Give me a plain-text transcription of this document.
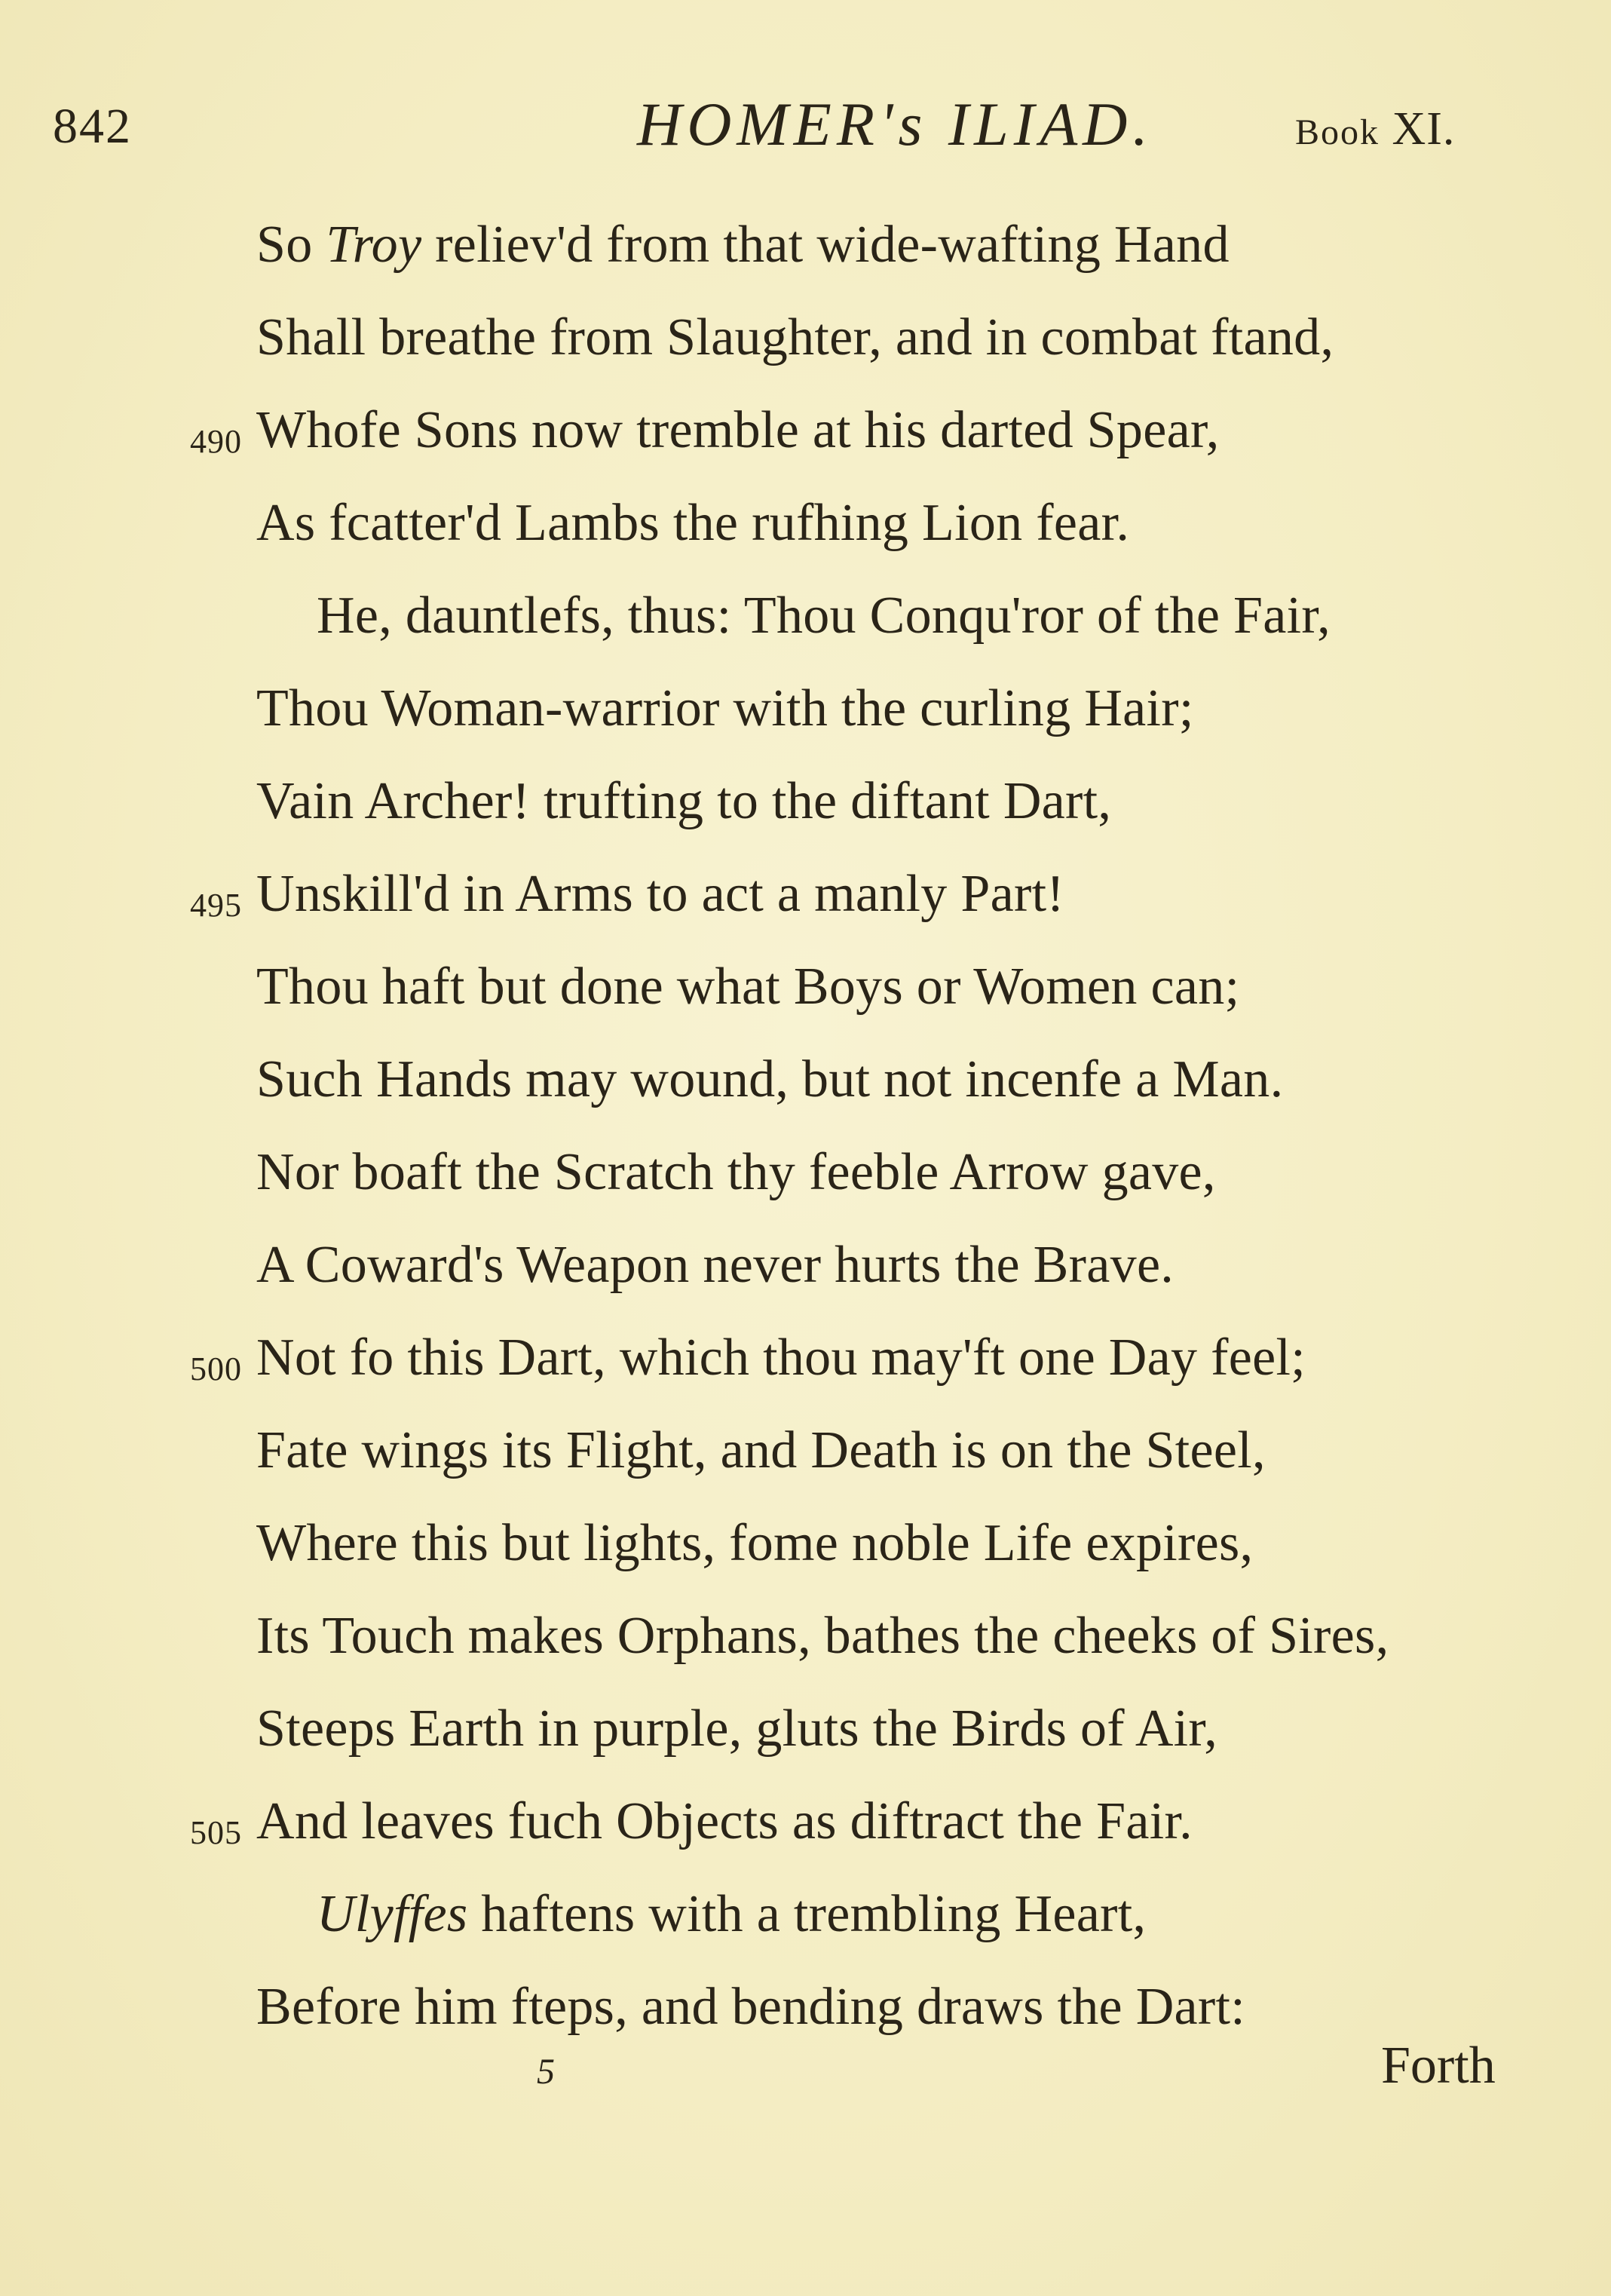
842	HOMER's ILIAD.	Book XI.
So Troy reliev'd from that wide-wafting Hand
Shall breathe from Slaughter, and in combat ftand,
490 Whofe Sons now tremble at his darted Spear,
As fcatter'd Lambs the rufhing Lion fear.
He, dauntlefs, thus: Thou Conqu'ror of the Fair,
Thou Woman-warrior with the curling Hair;
Vain Archer! trufting to the diftant Dart,
495 Unskill'd in Arms to act a manly Part!
Thou haft but done what Boys or Women can;
Such Hands may wound, but not incenfe a Man.
Nor boaft the Scratch thy feeble Arrow gave,
A Coward's Weapon never hurts the Brave.
500 Not fo this Dart, which thou may'ft one Day feel;
Fate wings its Flight, and Death is on the Steel,
Where this but lights, fome noble Life expires,
Its Touch makes Orphans, bathes the cheeks of Sires,
Steeps Earth in purple, gluts the Birds of Air,
505 And leaves fuch Objects as diftract the Fair.
Ulyffes haftens with a trembling Heart,
Before him fteps, and bending draws the Dart:
5	Forth
